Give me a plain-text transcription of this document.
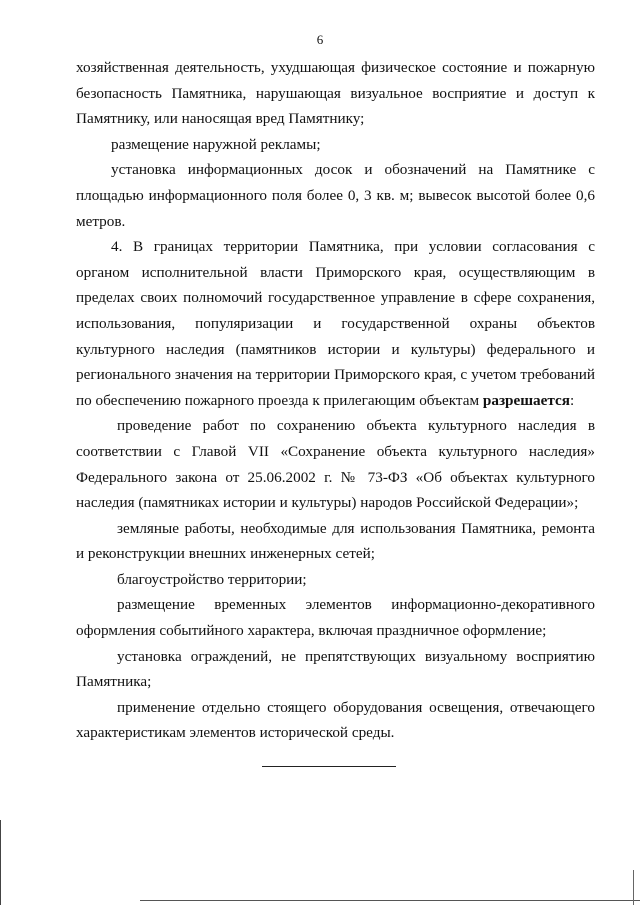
6

хозяйственная деятельность, ухудшающая физическое состояние и пожарную безопасность Памятника, нарушающая визуальное восприятие и доступ к Памятнику, или наносящая вред Памятнику;

размещение наружной рекламы;

установка информационных досок и обозначений на Памятнике с площадью информационного поля более 0, 3 кв. м; вывесок высотой более 0,6 метров.

4. В границах территории Памятника, при условии согласования с органом исполнительной власти Приморского края, осуществляющим в пределах своих полномочий государственное управление в сфере сохранения, использования, популяризации и государственной охраны объектов культурного наследия (памятников истории и культуры) федерального и регионального значения на территории Приморского края, с учетом требований по обеспечению пожарного проезда к прилегающим объектам разрешается:

проведение работ по сохранению объекта культурного наследия в соответствии с Главой VII «Сохранение объекта культурного наследия» Федерального закона от 25.06.2002 г. № 73-ФЗ «Об объектах культурного наследия (памятниках истории и культуры) народов Российской Федерации»;

земляные работы, необходимые для использования Памятника, ремонта и реконструкции внешних инженерных сетей;

благоустройство территории;

размещение временных элементов информационно-декоративного оформления событийного характера, включая праздничное оформление;

установка ограждений, не препятствующих визуальному восприятию Памятника;

применение отдельно стоящего оборудования освещения, отвечающего характеристикам элементов исторической среды.
